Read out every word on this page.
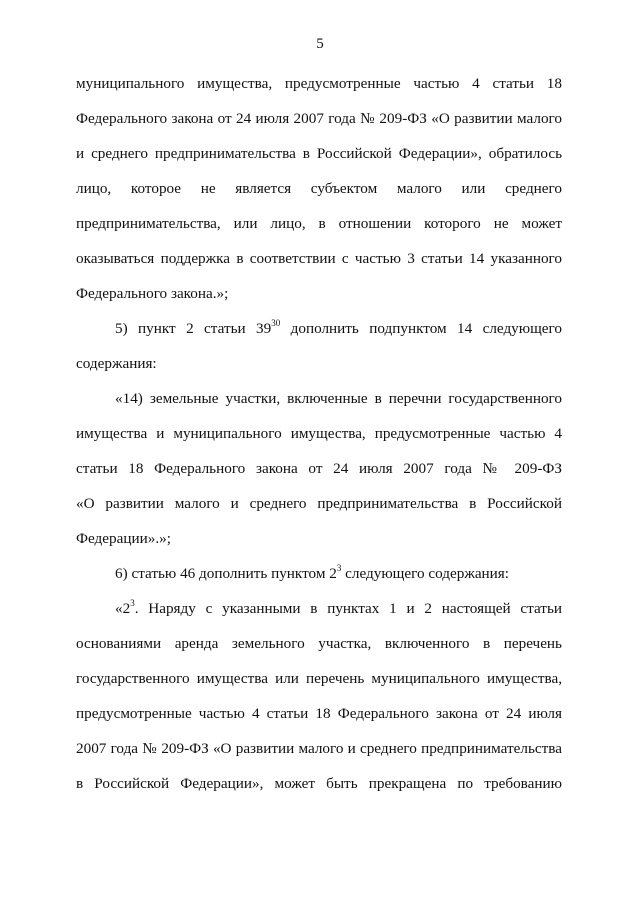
5
муниципального имущества, предусмотренные частью 4 статьи 18
Федерального закона от 24 июля 2007 года № 209-ФЗ «О развитии малого
и среднего предпринимательства в Российской Федерации», обратилось
лицо, которое не является субъектом малого или среднего
предпринимательства, или лицо, в отношении которого не может
оказываться поддержка в соответствии с частью 3 статьи 14 указанного
Федерального закона.»;
5) пункт 2 статьи $39^{30}$ дополнить подпунктом 14 следующего
содержания:
«14) земельные участки, включенные в перечни государственного
имущества и муниципального имущества, предусмотренные частью 4
статьи 18 Федерального закона от 24 июля 2007 года № 209-ФЗ
«О развитии малого и среднего предпринимательства в Российской
Федерации».»;
6) статью 46 дополнить пунктом $2^3$ следующего содержания:
«$2^3$. Наряду с указанными в пунктах 1 и 2 настоящей статьи
основаниями аренда земельного участка, включенного в перечень
государственного имущества или перечень муниципального имущества,
предусмотренные частью 4 статьи 18 Федерального закона от 24 июля
2007 года № 209-ФЗ «О развитии малого и среднего предпринимательства
в Российской Федерации», может быть прекращена по требованию
